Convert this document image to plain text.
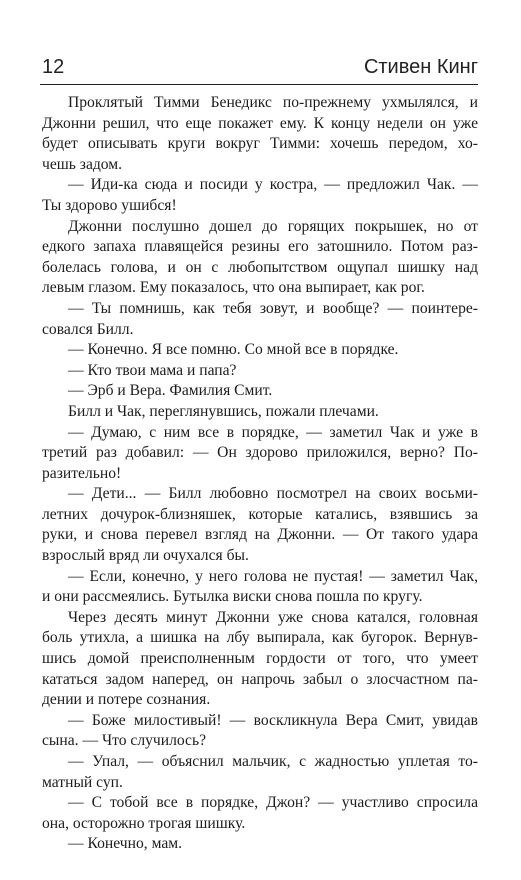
12	Стивен Кинг
Проклятый Тимми Бенедикс по-прежнему ухмылялся, и
Джонни решил, что еще покажет ему. К концу недели он уже
будет описывать круги вокруг Тимми: хочешь передом, хо-
чешь задом.
— Иди-ка сюда и посиди у костра, — предложил Чак. —
Ты здорово ушибся!
Джонни послушно дошел до горящих покрышек, но от
едкого запаха плавящейся резины его затошнило. Потом раз-
болелась голова, и он с любопытством ощупал шишку над
левым глазом. Ему показалось, что она выпирает, как рог.
— Ты помнишь, как тебя зовут, и вообще? — поинтере-
совался Билл.
— Конечно. Я все помню. Со мной все в порядке.
— Кто твои мама и папа?
— Эрб и Вера. Фамилия Смит.
Билл и Чак, переглянувшись, пожали плечами.
— Думаю, с ним все в порядке, — заметил Чак и уже в
третий раз добавил: — Он здорово приложился, верно? По-
разительно!
— Дети... — Билл любовно посмотрел на своих восьми-
летних дочурок-близняшек, которые катались, взявшись за
руки, и снова перевел взгляд на Джонни. — От такого удара
взрослый вряд ли очухался бы.
— Если, конечно, у него голова не пустая! — заметил Чак,
и они рассмеялись. Бутылка виски снова пошла по кругу.
Через десять минут Джонни уже снова катался, головная
боль утихла, а шишка на лбу выпирала, как бугорок. Вернув-
шись домой преисполненным гордости от того, что умеет
кататься задом наперед, он напрочь забыл о злосчастном па-
дении и потере сознания.
— Боже милостивый! — воскликнула Вера Смит, увидав
сына. — Что случилось?
— Упал, — объяснил мальчик, с жадностью уплетая то-
матный суп.
— С тобой все в порядке, Джон? — участливо спросила
она, осторожно трогая шишку.
— Конечно, мам.
